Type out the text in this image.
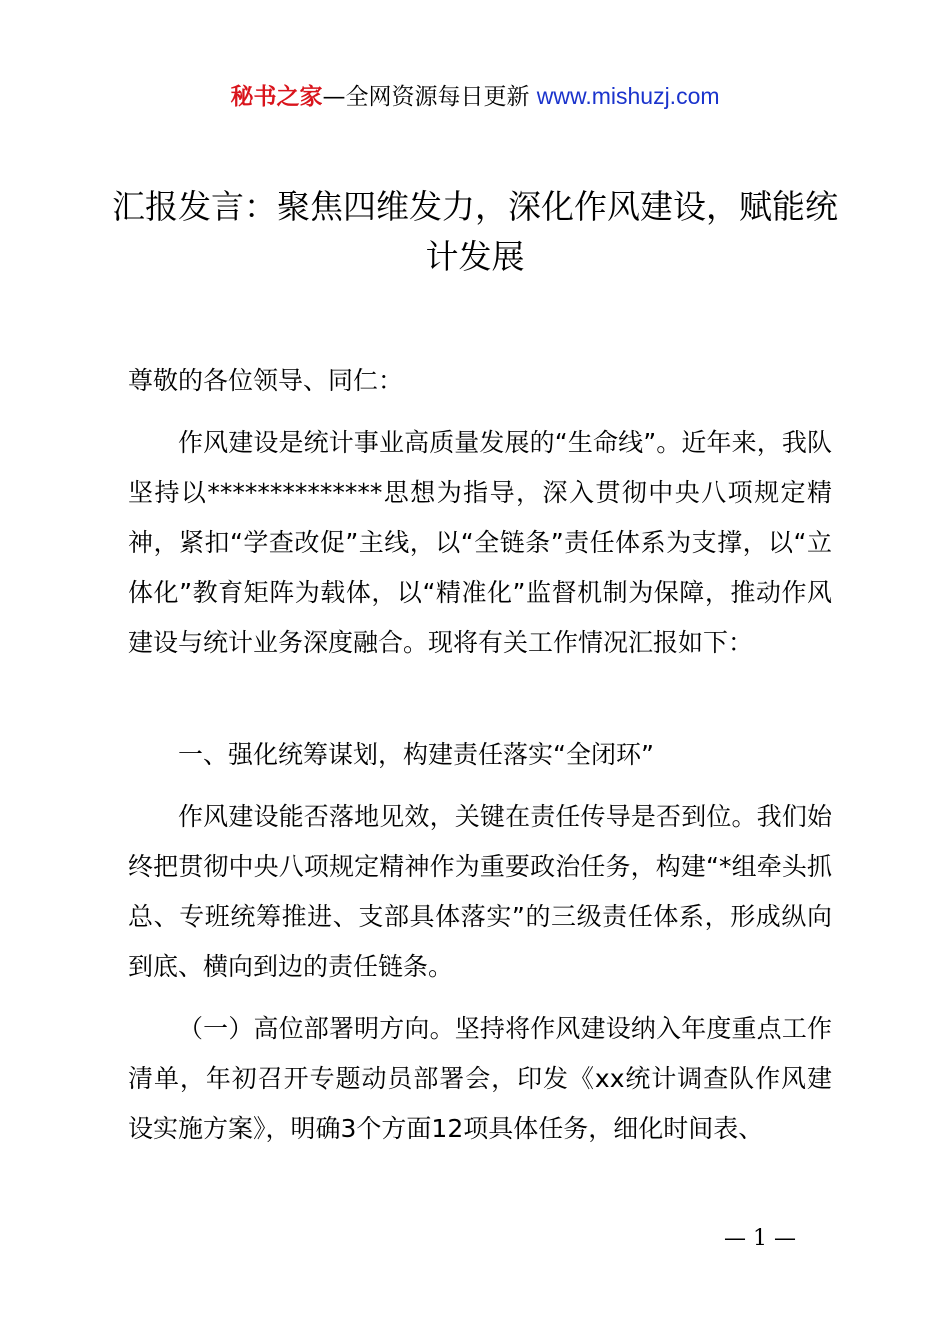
秘书之家—全网资源每日更新 www.mishuzj.com
汇报发言：聚焦四维发力，深化作风建设，赋能统计发展

尊敬的各位领导、同仁：

作风建设是统计事业高质量发展的“生命线”。近年来，我队坚持以**************思想为指导，深入贯彻中央八项规定精神，紧扣“学查改促”主线，以“全链条”责任体系为支撑，以“立体化”教育矩阵为载体，以“精准化”监督机制为保障，推动作风建设与统计业务深度融合。现将有关工作情况汇报如下：

一、强化统筹谋划，构建责任落实“全闭环”

作风建设能否落地见效，关键在责任传导是否到位。我们始终把贯彻中央八项规定精神作为重要政治任务，构建“*组牵头抓总、专班统筹推进、支部具体落实”的三级责任体系，形成纵向到底、横向到边的责任链条。

（一）高位部署明方向。坚持将作风建设纳入年度重点工作清单，年初召开专题动员部署会，印发《xx统计调查队作风建设实施方案》，明确3个方面12项具体任务，细化时间表、

— 1 —
